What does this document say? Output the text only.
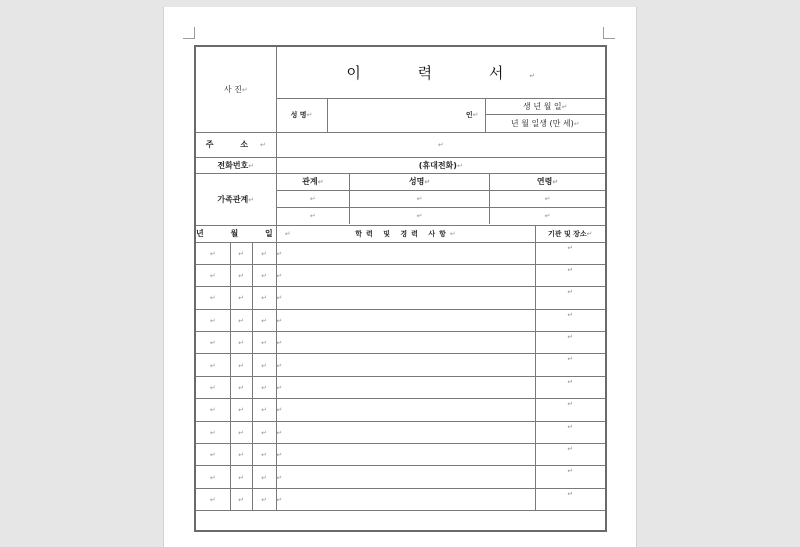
사 진↵	이 력 서↵
성 명↵	인↵	
생 년 월 일↵
년 월 일생 (만 세)↵

주 소↵	↵
전화번호↵	(휴대전화)↵
가족관계↵	
관계↵	성명↵	연령↵
↵	↵	↵
↵	↵	↵

년 월 일↵	학력 및 경력 사항↵	기관 및 장소↵
↵	↵	↵	↵	↵
↵	↵	↵	↵	↵
↵	↵	↵	↵	↵
↵	↵	↵	↵	↵
↵	↵	↵	↵	↵
↵	↵	↵	↵	↵
↵	↵	↵	↵	↵
↵	↵	↵	↵	↵
↵	↵	↵	↵	↵
↵	↵	↵	↵	↵
↵	↵	↵	↵	↵
↵	↵	↵	↵	↵
